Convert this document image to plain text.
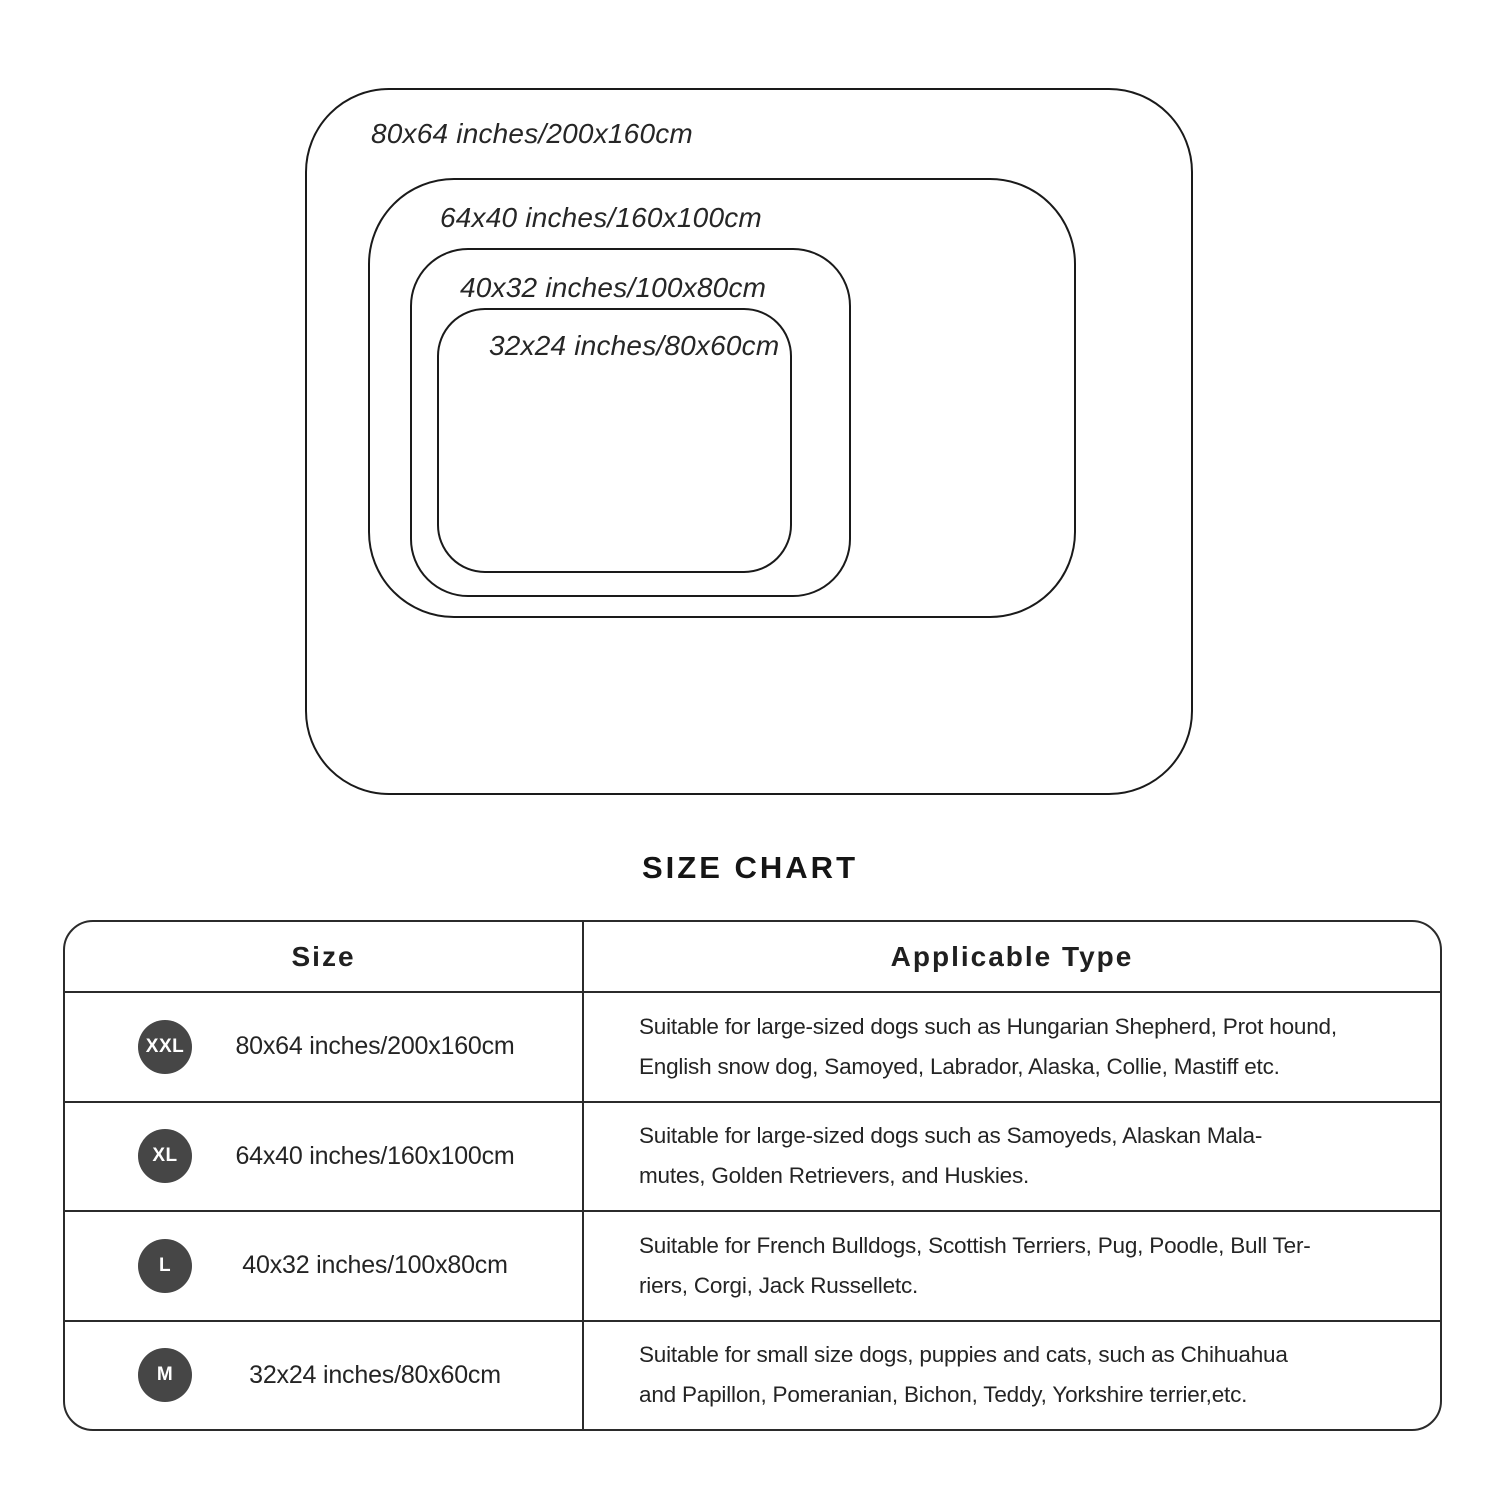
80x64 inches/200x160cm
64x40 inches/160x100cm
40x32 inches/100x80cm
32x24 inches/80x60cm
SIZE CHART
Size	Applicable Type
XXL	80x64 inches/200x160cm
Suitable for large-sized dogs such as Hungarian Shepherd, Prot hound,
English snow dog, Samoyed, Labrador, Alaska, Collie, Mastiff etc.
XL	64x40 inches/160x100cm
Suitable for large-sized dogs such as Samoyeds, Alaskan Mala-
mutes, Golden Retrievers, and Huskies.
L	40x32 inches/100x80cm
Suitable for French Bulldogs, Scottish Terriers, Pug, Poodle, Bull Ter-
riers, Corgi, Jack Russelletc.
M	32x24 inches/80x60cm
Suitable for small size dogs, puppies and cats, such as Chihuahua
and Papillon, Pomeranian, Bichon, Teddy, Yorkshire terrier,etc.
